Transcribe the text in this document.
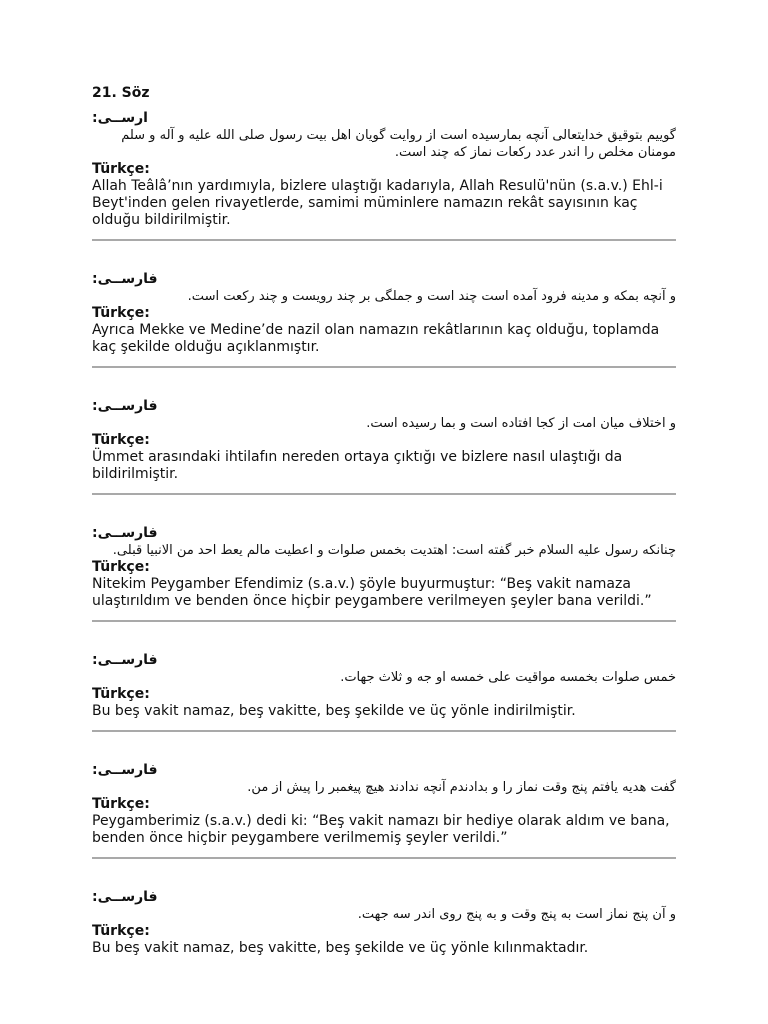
21. Söz
ارســی:
گوییم بتوقیق خدایتعالی آنچه بمارسیده است از روایت گویان اهل بیت رسول صلی الله علیه و آله و سلم مومنان مخلص را اندر عدد رکعات نماز که چند است.
Türkçe:
Allah Teâlâ’nın yardımıyla, bizlere ulaştığı kadarıyla, Allah Resulü'nün (s.a.v.) Ehl-i Beyt'inden gelen rivayetlerde, samimi müminlere namazın rekât sayısının kaç olduğu bildirilmiştir.
فارســی:
و آنچه بمکه و مدینه فرود آمده است چند است و جملگی بر چند رویست و چند رکعت است.
Türkçe:
Ayrıca Mekke ve Medine’de nazil olan namazın rekâtlarının kaç olduğu, toplamda kaç şekilde olduğu açıklanmıştır.
فارســی:
و اختلاف میان امت از کجا افتاده است و بما رسیده است.
Türkçe:
Ümmet arasındaki ihtilafın nereden ortaya çıktığı ve bizlere nasıl ulaştığı da bildirilmiştir.
فارســی:
چنانکه رسول علیه السلام خبر گفته است: اهتدیت بخمس صلوات و اعطیت مالم یعط احد من الانبیا قبلی.
Türkçe:
Nitekim Peygamber Efendimiz (s.a.v.) şöyle buyurmuştur: “Beş vakit namaza ulaştırıldım ve benden önce hiçbir peygambere verilmeyen şeyler bana verildi.”
فارســی:
خمس صلوات بخمسه مواقیت علی خمسه او جه و ثلاث جهات.
Türkçe:
Bu beş vakit namaz, beş vakitte, beş şekilde ve üç yönle indirilmiştir.
فارســی:
گفت هدیه یافتم پنج وقت نماز را و بدادندم آنچه ندادند هیچ پیغمبر را پیش از من.
Türkçe:
Peygamberimiz (s.a.v.) dedi ki: “Beş vakit namazı bir hediye olarak aldım ve bana, benden önce hiçbir peygambere verilmemiş şeyler verildi.”
فارســی:
و آن پنج نماز است به پنج وقت و به پنج روی اندر سه جهت.
Türkçe:
Bu beş vakit namaz, beş vakitte, beş şekilde ve üç yönle kılınmaktadır.
